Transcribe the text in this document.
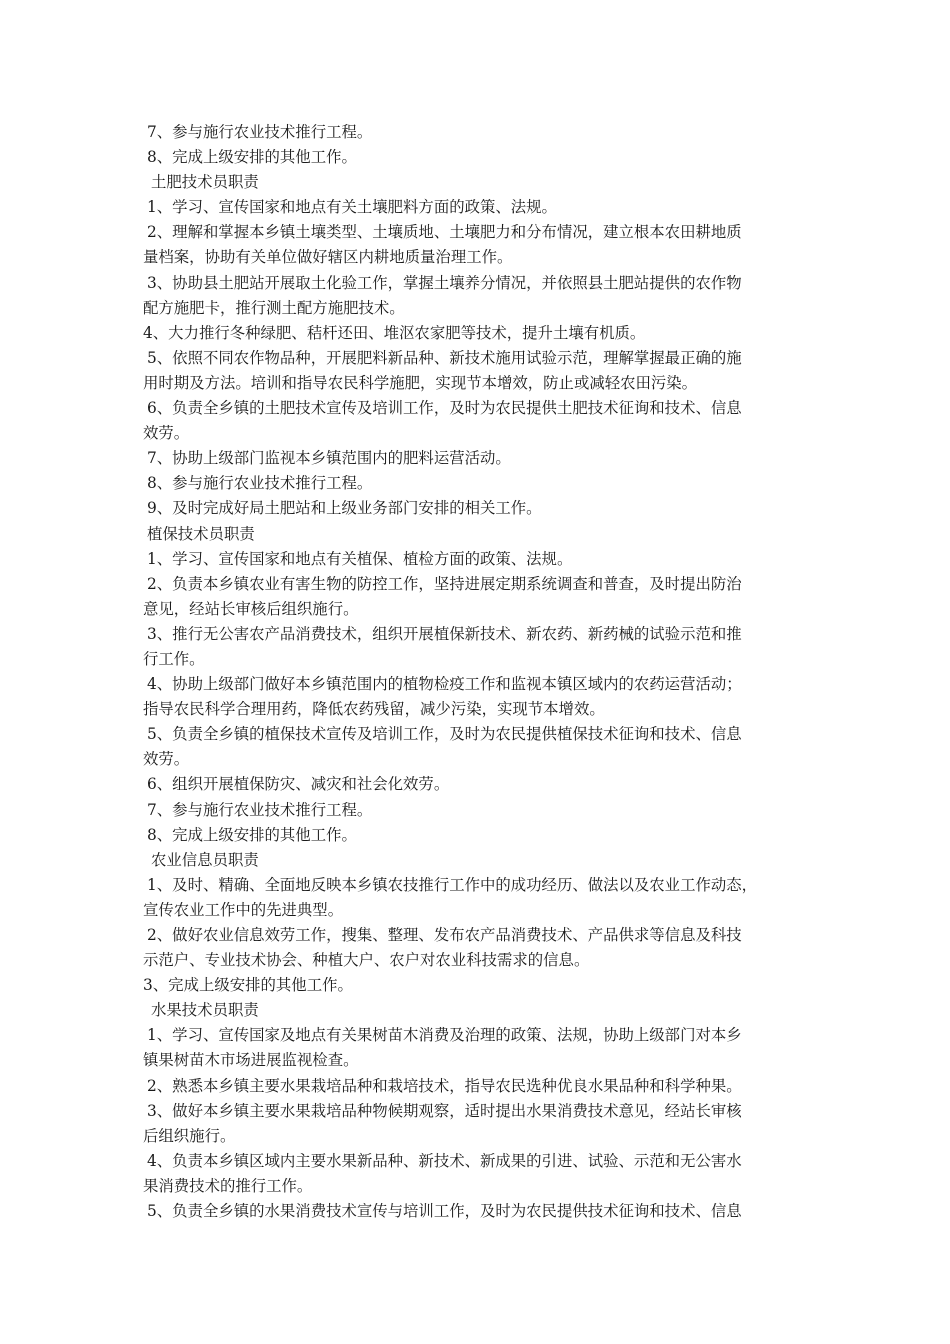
7、参与施行农业技术推行工程。
8、完成上级安排的其他工作。
土肥技术员职责
1、学习、宣传国家和地点有关土壤肥料方面的政策、法规。
2、理解和掌握本乡镇土壤类型、土壤质地、土壤肥力和分布情况，建立根本农田耕地质
量档案，协助有关单位做好辖区内耕地质量治理工作。
3、协助县土肥站开展取土化验工作，掌握土壤养分情况，并依照县土肥站提供的农作物
配方施肥卡，推行测土配方施肥技术。
4、大力推行冬种绿肥、秸杆还田、堆沤农家肥等技术，提升土壤有机质。
5、依照不同农作物品种，开展肥料新品种、新技术施用试验示范，理解掌握最正确的施
用时期及方法。培训和指导农民科学施肥，实现节本增效，防止或减轻农田污染。
6、负责全乡镇的土肥技术宣传及培训工作，及时为农民提供土肥技术征询和技术、信息
效劳。
7、协助上级部门监视本乡镇范围内的肥料运营活动。
8、参与施行农业技术推行工程。
9、及时完成好局土肥站和上级业务部门安排的相关工作。
植保技术员职责
1、学习、宣传国家和地点有关植保、植检方面的政策、法规。
2、负责本乡镇农业有害生物的防控工作，坚持进展定期系统调查和普查，及时提出防治
意见，经站长审核后组织施行。
3、推行无公害农产品消费技术，组织开展植保新技术、新农药、新药械的试验示范和推
行工作。
4、协助上级部门做好本乡镇范围内的植物检疫工作和监视本镇区域内的农药运营活动；
指导农民科学合理用药，降低农药残留，减少污染，实现节本增效。
5、负责全乡镇的植保技术宣传及培训工作，及时为农民提供植保技术征询和技术、信息
效劳。
6、组织开展植保防灾、减灾和社会化效劳。
7、参与施行农业技术推行工程。
8、完成上级安排的其他工作。
农业信息员职责
1、及时、精确、全面地反映本乡镇农技推行工作中的成功经历、做法以及农业工作动态，
宣传农业工作中的先进典型。
2、做好农业信息效劳工作，搜集、整理、发布农产品消费技术、产品供求等信息及科技
示范户、专业技术协会、种植大户、农户对农业科技需求的信息。
3、完成上级安排的其他工作。
水果技术员职责
1、学习、宣传国家及地点有关果树苗木消费及治理的政策、法规，协助上级部门对本乡
镇果树苗木市场进展监视检查。
2、熟悉本乡镇主要水果栽培品种和栽培技术，指导农民选种优良水果品种和科学种果。
3、做好本乡镇主要水果栽培品种物候期观察，适时提出水果消费技术意见，经站长审核
后组织施行。
4、负责本乡镇区域内主要水果新品种、新技术、新成果的引进、试验、示范和无公害水
果消费技术的推行工作。
5、负责全乡镇的水果消费技术宣传与培训工作，及时为农民提供技术征询和技术、信息
